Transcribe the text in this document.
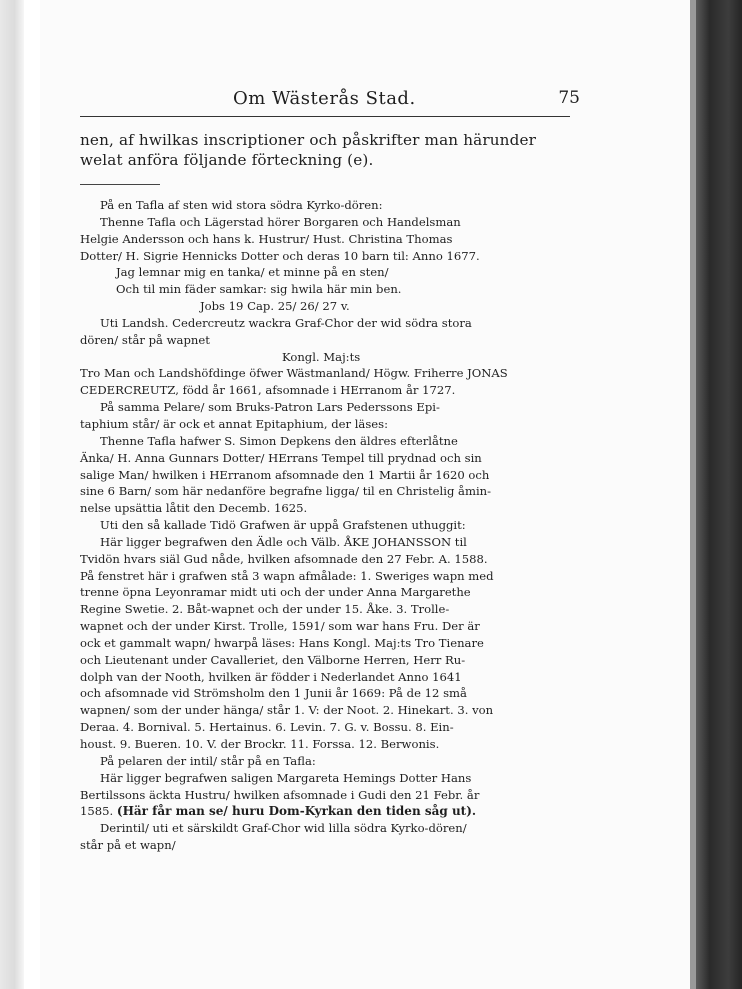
Om Wästerås Stad.	75

nen, af hwilkas inscriptioner och påskrifter man härunder
welat anföra följande förteckning (e).

På en Tafla af sten wid stora södra Kyrko-dören:
Thenne Tafla och Lägerstad hörer Borgaren och Handelsman
Helgie Andersson och hans k. Hustrur/ Hust. Christina Thomas
Dotter/ H. Sigrie Hennicks Dotter och deras 10 barn til: Anno 1677.
Jag lemnar mig en tanka/ et minne på en sten/
Och til min fäder samkar: sig hwila här min ben.
Jobs 19 Cap. 25/ 26/ 27 v.
Uti Landsh. Cedercreutz wackra Graf-Chor der wid södra stora
dören/ står på wapnet
Kongl. Maj:ts
Tro Man och Landshöfdinge öfwer Wästmanland/ Högw. Friherre JONAS
CEDERCREUTZ, född år 1661, afsomnade i HErranom år 1727.
På samma Pelare/ som Bruks-Patron Lars Pederssons Epi-
taphium står/ är ock et annat Epitaphium, der läses:
Thenne Tafla hafwer S. Simon Depkens den äldres efterlåtne
Änka/ H. Anna Gunnars Dotter/ HErrans Tempel till prydnad och sin
salige Man/ hwilken i HErranom afsomnade den 1 Martii år 1620 och
sine 6 Barn/ som här nedanföre begrafne ligga/ til en Christelig åmin-
nelse upsättia låtit den Decemb. 1625.
Uti den så kallade Tidö Grafwen är uppå Grafstenen uthuggit:
Här ligger begrafwen den Ädle och Välb. ÅKE JOHANSSON til
Tvidön hvars siäl Gud nåde, hvilken afsomnade den 27 Febr. A. 1588.
På fenstret här i grafwen stå 3 wapn afmålade: 1. Sweriges wapn med
trenne öpna Leyonramar midt uti och der under Anna Margarethe
Regine Swetie. 2. Båt-wapnet och der under 15. Åke. 3. Trolle-
wapnet och der under Kirst. Trolle, 1591/ som war hans Fru. Der är
ock et gammalt wapn/ hwarpå läses: Hans Kongl. Maj:ts Tro Tienare
och Lieutenant under Cavalleriet, den Välborne Herren, Herr Ru-
dolph van der Nooth, hvilken är födder i Nederlandet Anno 1641
och afsomnade vid Strömsholm den 1 Junii år 1669: På de 12 små
wapnen/ som der under hänga/ står 1. V: der Noot. 2. Hinekart. 3. von
Deraa. 4. Bornival. 5. Hertainus. 6. Levin. 7. G. v. Bossu. 8. Ein-
houst. 9. Bueren. 10. V. der Brockr. 11. Forssa. 12. Berwonis.
På pelaren der intil/ står på en Tafla:
Här ligger begrafwen saligen Margareta Hemings Dotter Hans
Bertilssons äckta Hustru/ hwilken afsomnade i Gudi den 21 Febr. år
1585. (Här får man se/ huru Dom-Kyrkan den tiden såg ut).
Derintil/ uti et särskildt Graf-Chor wid lilla södra Kyrko-dören/
står på et wapn/
